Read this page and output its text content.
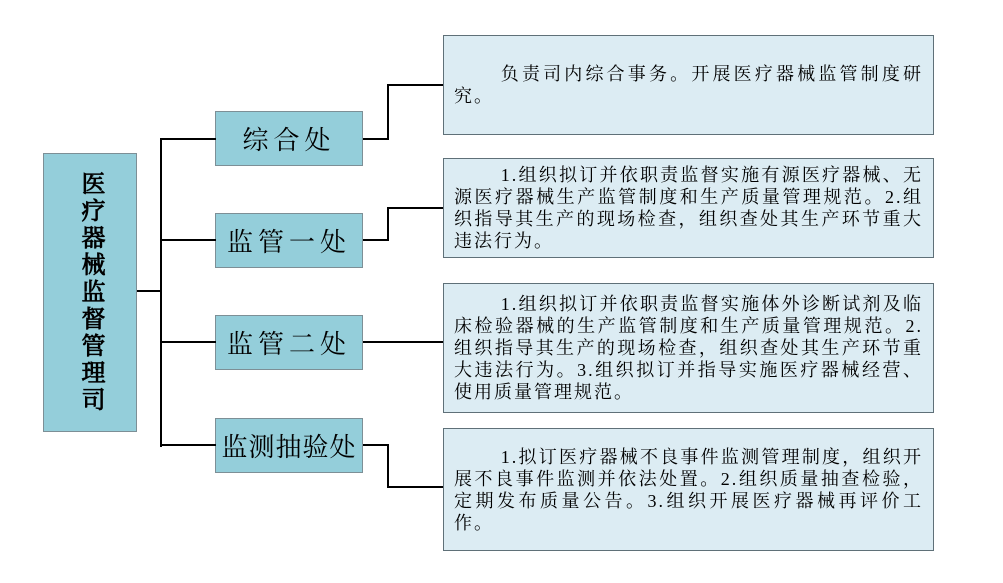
医疗器械监督管理司
综合处
监管一处
监管二处
监测抽验处

负责司内综合事务。开展医疗器械监管制度研究。

1.组织拟订并依职责监督实施有源医疗器械、无源医疗器械生产监管制度和生产质量管理规范。2.组织指导其生产的现场检查，组织查处其生产环节重大违法行为。

1.组织拟订并依职责监督实施体外诊断试剂及临床检验器械的生产监管制度和生产质量管理规范。2.组织指导其生产的现场检查，组织查处其生产环节重大违法行为。3.组织拟订并指导实施医疗器械经营、使用质量管理规范。

1.拟订医疗器械不良事件监测管理制度，组织开展不良事件监测并依法处置。2.组织质量抽查检验，定期发布质量公告。3.组织开展医疗器械再评价工作。
